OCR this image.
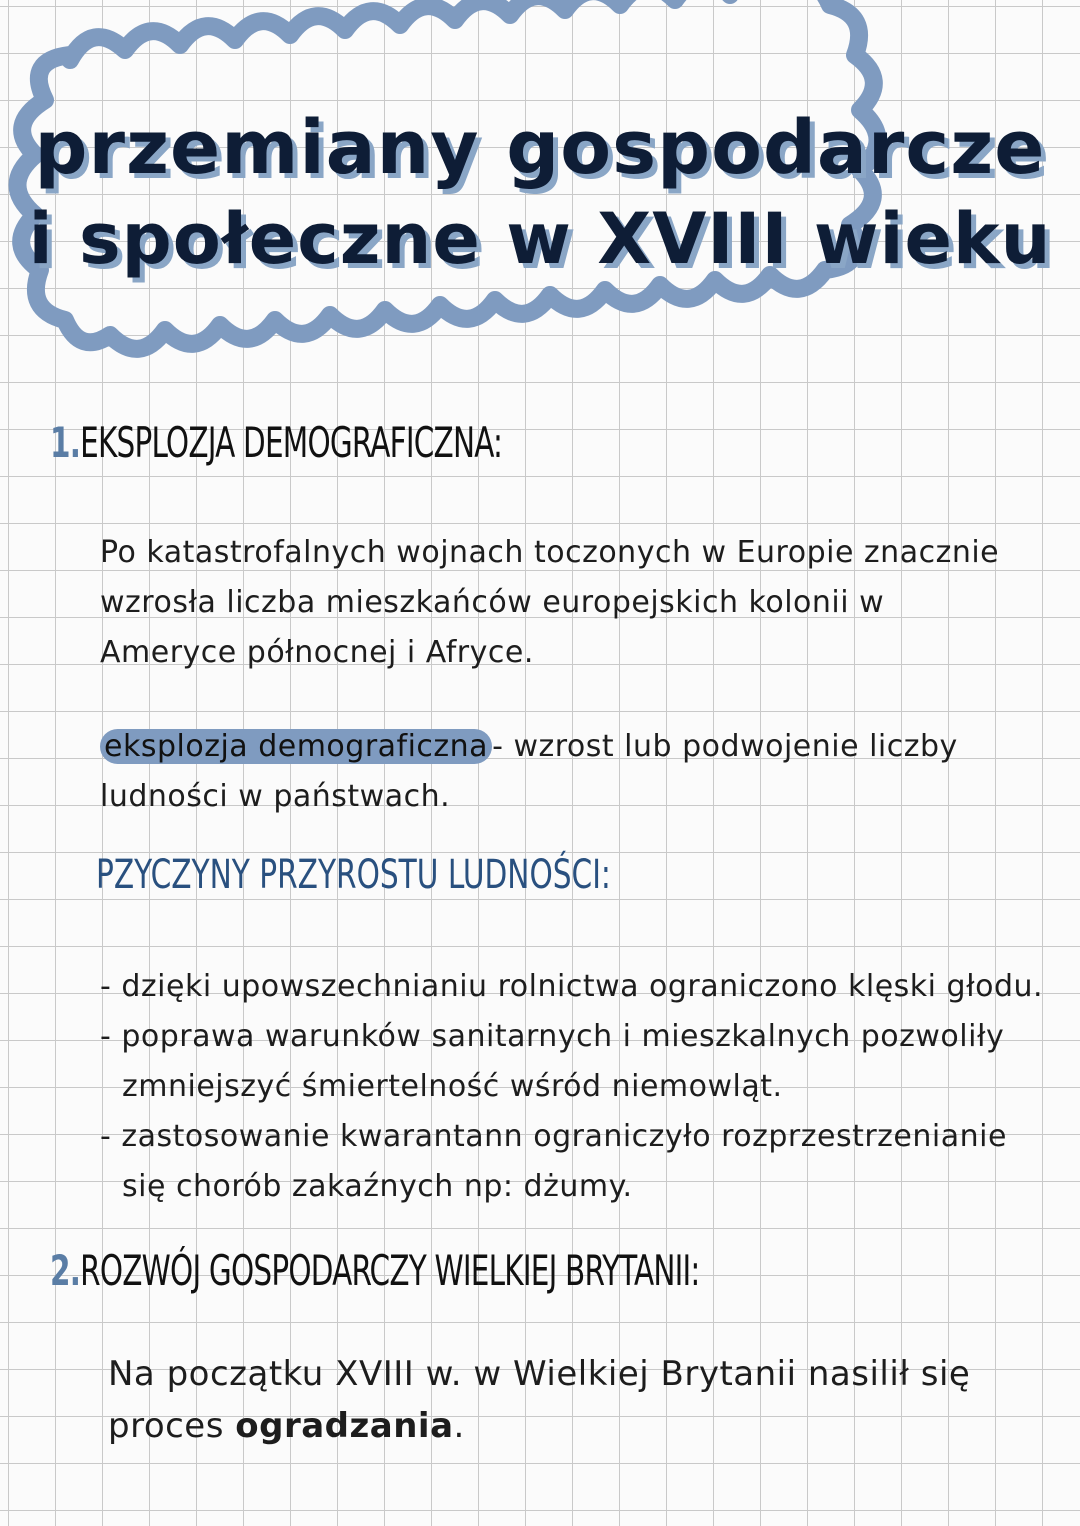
przemiany gospodarcze
i społeczne w XVIII wieku
1.EKSPLOZJA DEMOGRAFICZNA:
Po katastrofalnych wojnach toczonych w Europie znacznie wzrosła liczba mieszkańców europejskich kolonii w Ameryce północnej i Afryce.
eksplozja demograficzna - wzrost lub podwojenie liczby ludności w państwach.
PZYCZYNY PRZYROSTU LUDNOŚCI:
- dzięki upowszechnianiu rolnictwa ograniczono klęski głodu.
- poprawa warunków sanitarnych i mieszkalnych pozwoliły zmniejszyć śmiertelność wśród niemowląt.
- zastosowanie kwarantann ograniczyło rozprzestrzenianie się chorób zakaźnych np: dżumy.
2.ROZWÓJ GOSPODARCZY WIELKIEJ BRYTANII:
Na początku XVIII w. w Wielkiej Brytanii nasilił się proces ogradzania.
